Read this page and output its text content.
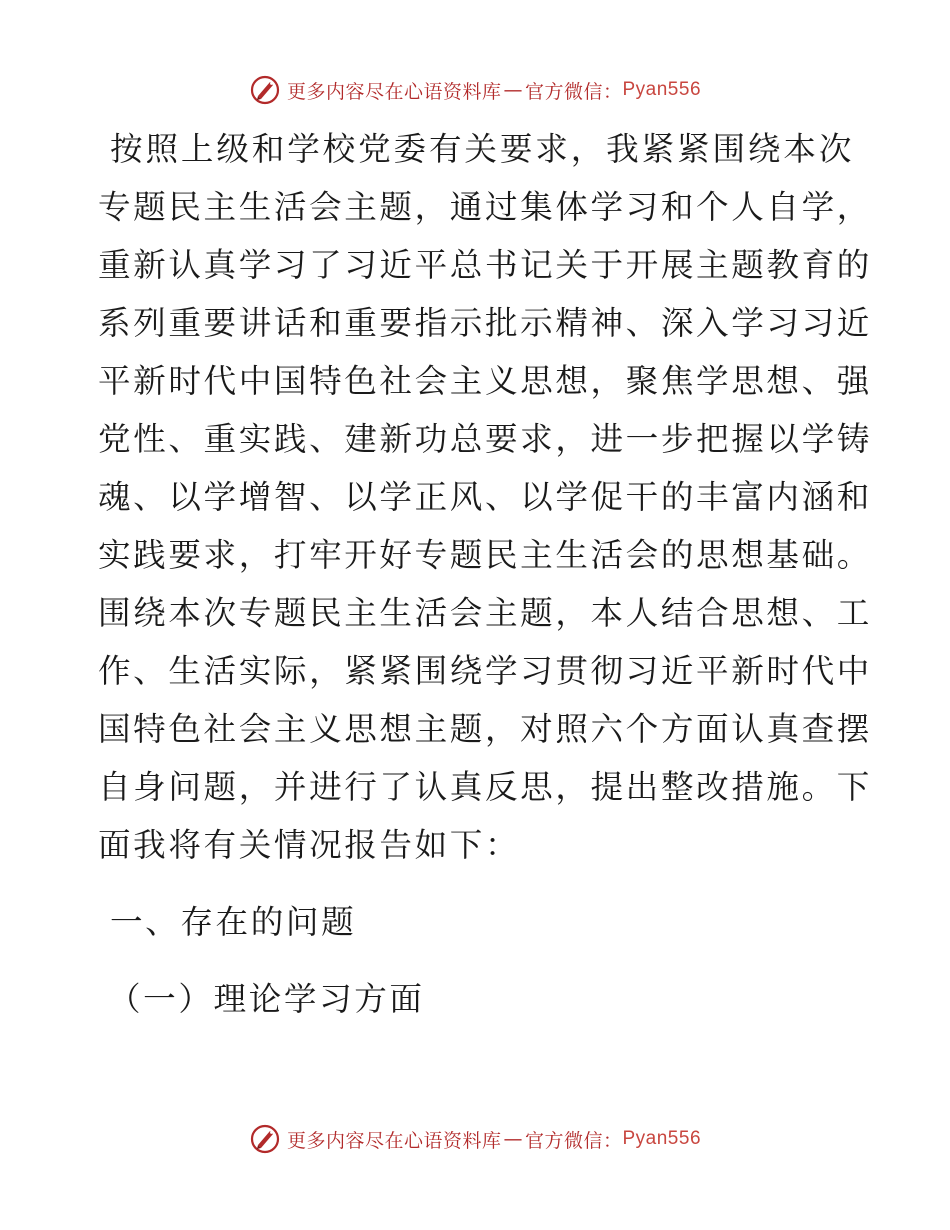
更多内容尽在心语资料库 — 官方微信： Pyan556
按照上级和学校党委有关要求，我紧紧围绕本次
专题民主生活会主题，通过集体学习和个人自学，
重新认真学习了习近平总书记关于开展主题教育的
系列重要讲话和重要指示批示精神、深入学习习近
平新时代中国特色社会主义思想，聚焦学思想、强
党性、重实践、建新功总要求，进一步把握以学铸
魂、以学增智、以学正风、以学促干的丰富内涵和
实践要求，打牢开好专题民主生活会的思想基础。
围绕本次专题民主生活会主题，本人结合思想、工
作、生活实际，紧紧围绕学习贯彻习近平新时代中
国特色社会主义思想主题，对照六个方面认真查摆
自身问题，并进行了认真反思，提出整改措施。下
面我将有关情况报告如下：
一、存在的问题
（一）理论学习方面
更多内容尽在心语资料库 — 官方微信： Pyan556
